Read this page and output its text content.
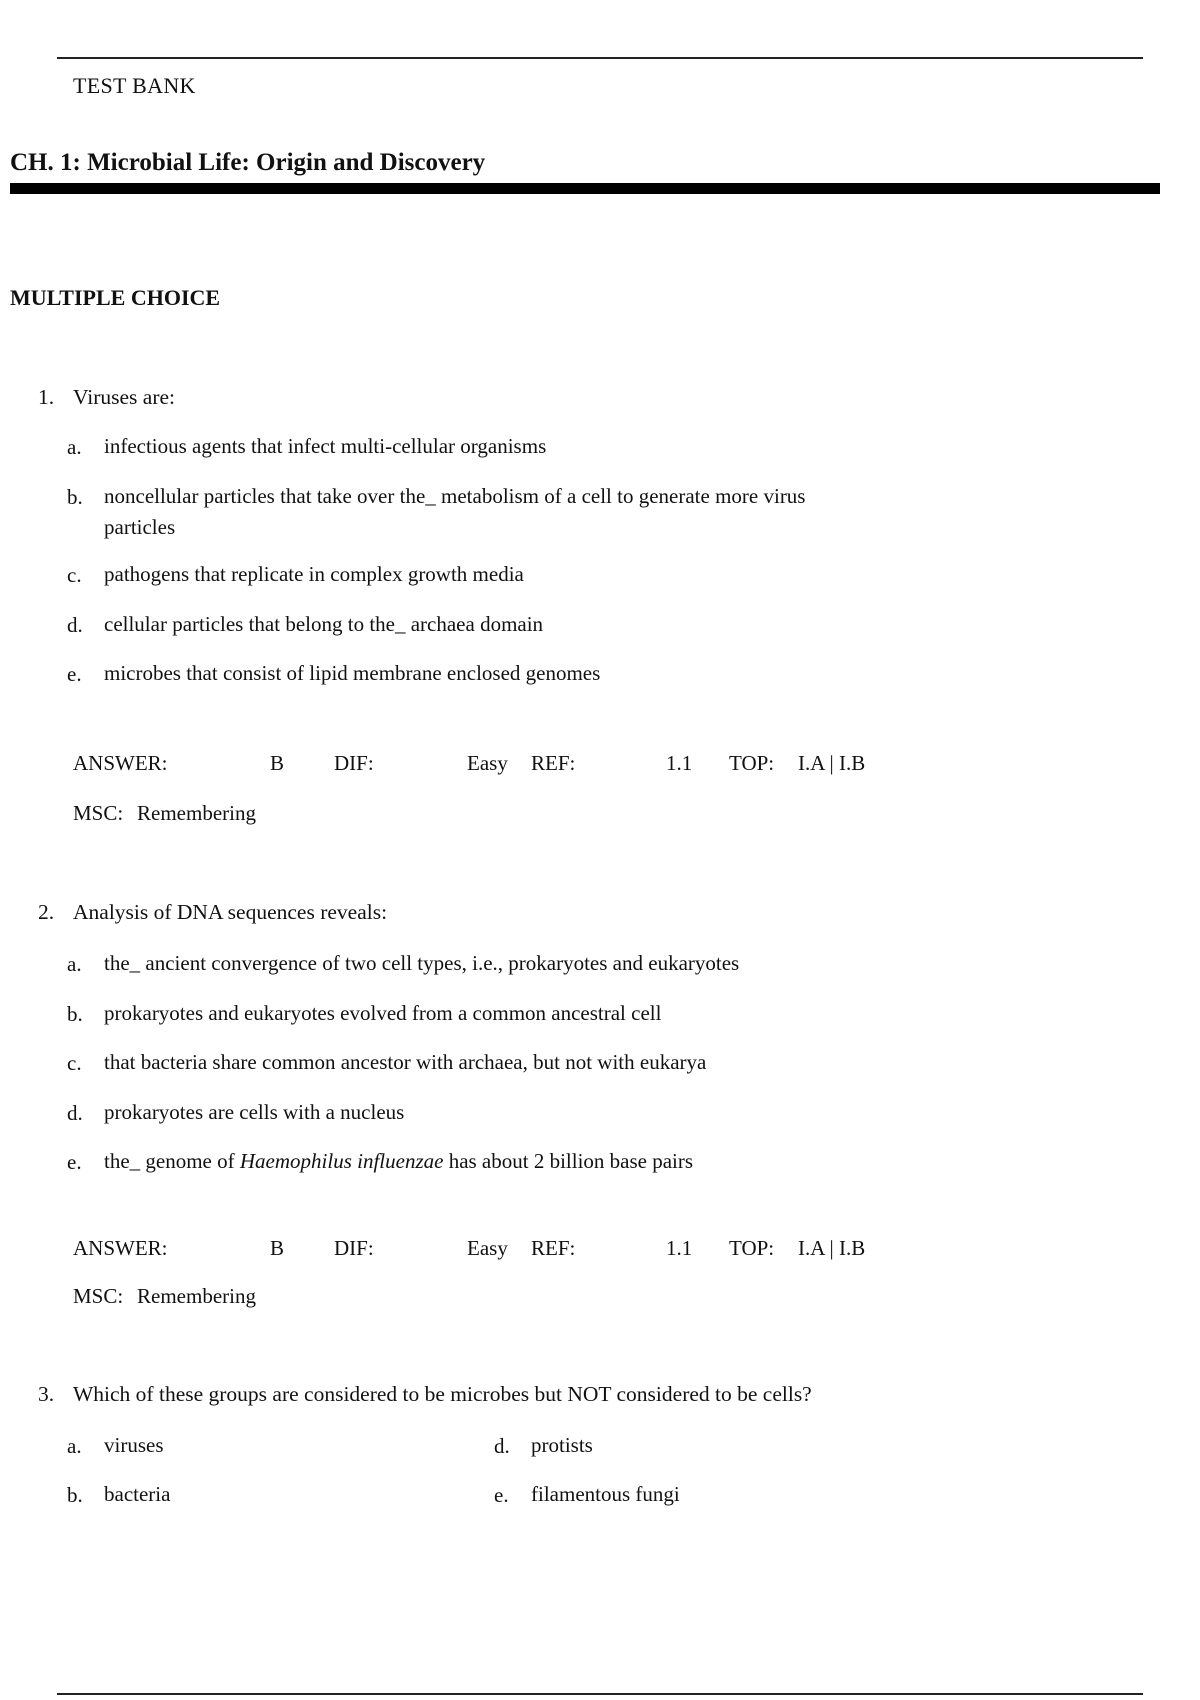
TEST BANK
CH. 1: Microbial Life: Origin and Discovery
MULTIPLE CHOICE
1. Viruses are:
a. infectious agents that infect multi-cellular organisms
b. noncellular particles that take over the_ metabolism of a cell to generate more virus particles
c. pathogens that replicate in complex growth media
d. cellular particles that belong to the_ archaea domain
e. microbes that consist of lipid membrane enclosed genomes
ANSWER:	B DIF:	Easy REF:	1.1 TOP: I.A | I.B
MSC: Remembering
2. Analysis of DNA sequences reveals:
a. the_ ancient convergence of two cell types, i.e., prokaryotes and eukaryotes
b. prokaryotes and eukaryotes evolved from a common ancestral cell
c. that bacteria share common ancestor with archaea, but not with eukarya
d. prokaryotes are cells with a nucleus
e. the_ genome of Haemophilus influenzae has about 2 billion base pairs
ANSWER:	B DIF:	Easy REF:	1.1 TOP: I.A | I.B
MSC: Remembering
3. Which of these groups are considered to be microbes but NOT considered to be cells?
a. viruses
b. bacteria
d. protists
e. filamentous fungi
